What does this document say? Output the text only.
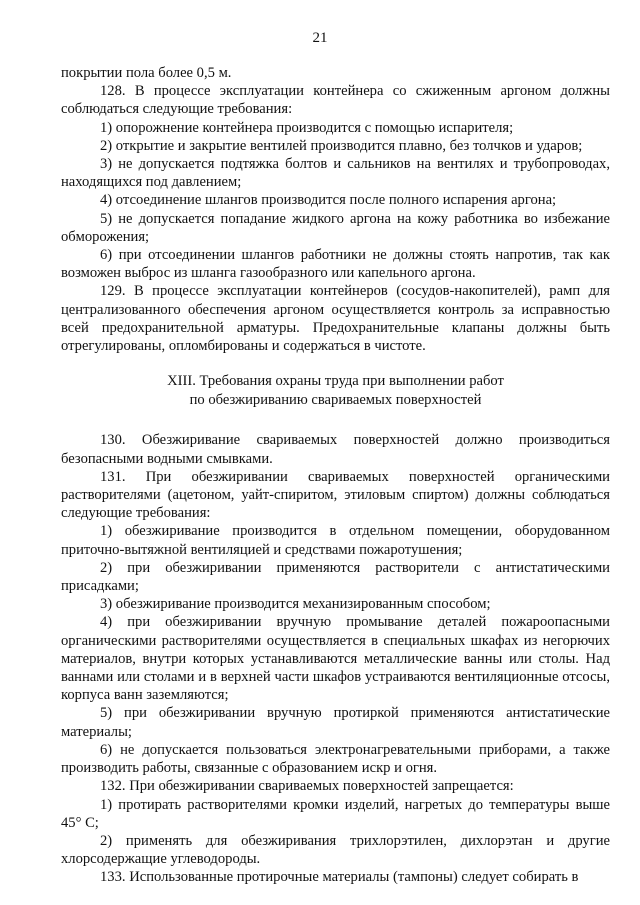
21

покрытии пола более 0,5 м.

128. В процессе эксплуатации контейнера со сжиженным аргоном должны соблюдаться следующие требования:

1) опорожнение контейнера производится с помощью испарителя;

2) открытие и закрытие вентилей производится плавно, без толчков и ударов;

3) не допускается подтяжка болтов и сальников на вентилях и трубопроводах, находящихся под давлением;

4) отсоединение шлангов производится после полного испарения аргона;

5) не допускается попадание жидкого аргона на кожу работника во избежание обморожения;

6) при отсоединении шлангов работники не должны стоять напротив, так как возможен выброс из шланга газообразного или капельного аргона.

129. В процессе эксплуатации контейнеров (сосудов-накопителей), рамп для централизованного обеспечения аргоном осуществляется контроль за исправностью всей предохранительной арматуры. Предохранительные клапаны должны быть отрегулированы, опломбированы и содержаться в чистоте.

XIII. Требования охраны труда при выполнении работ
по обезжириванию свариваемых поверхностей

130. Обезжиривание свариваемых поверхностей должно производиться безопасными водными смывками.

131. При обезжиривании свариваемых поверхностей органическими растворителями (ацетоном, уайт-спиритом, этиловым спиртом) должны соблюдаться следующие требования:

1) обезжиривание производится в отдельном помещении, оборудованном приточно-вытяжной вентиляцией и средствами пожаротушения;

2) при обезжиривании применяются растворители с антистатическими присадками;

3) обезжиривание производится механизированным способом;

4) при обезжиривании вручную промывание деталей пожароопасными органическими растворителями осуществляется в специальных шкафах из негорючих материалов, внутри которых устанавливаются металлические ванны или столы. Над ваннами или столами и в верхней части шкафов устраиваются вентиляционные отсосы, корпуса ванн заземляются;

5) при обезжиривании вручную протиркой применяются антистатические материалы;

6) не допускается пользоваться электронагревательными приборами, а также производить работы, связанные с образованием искр и огня.

132. При обезжиривании свариваемых поверхностей запрещается:

1) протирать растворителями кромки изделий, нагретых до температуры выше 45° С;

2) применять для обезжиривания трихлорэтилен, дихлорэтан и другие хлорсодержащие углеводороды.

133. Использованные протирочные материалы (тампоны) следует собирать в
